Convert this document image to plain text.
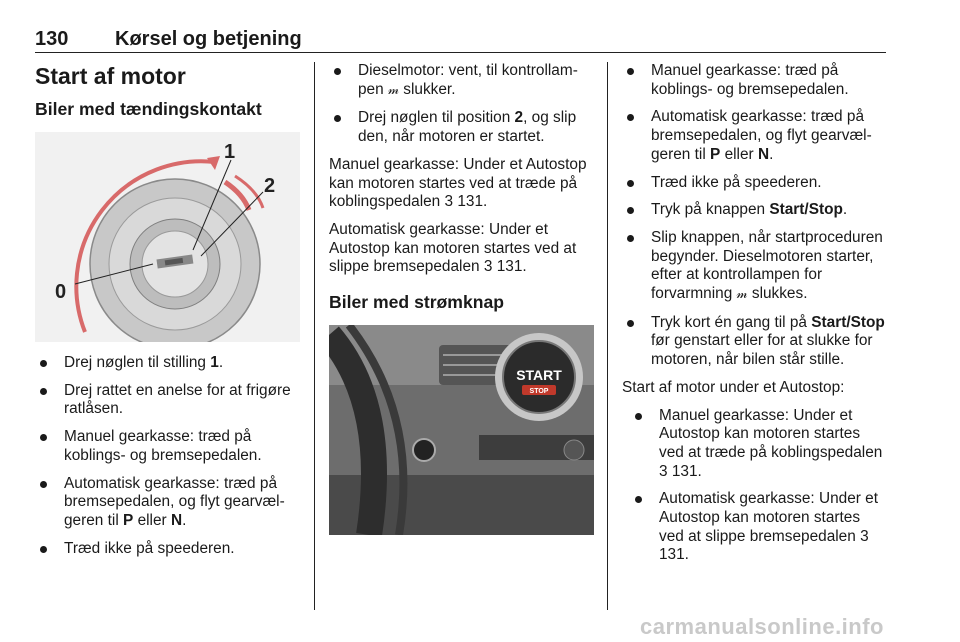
130 Kørsel og betjening
Start af motor
Biler med tændingskontakt
0
1
2
Drej nøglen til stilling 1.
Drej rattet en anelse for at frigøre ratlåsen.
Manuel gearkasse: træd på koblings- og bremsepedalen.
Automatisk gearkasse: træd på bremsepedalen, og flyt gearvælgeren til P eller N.
Træd ikke på speederen.
Dieselmotor: vent, til kontrollampen 𝓂 slukker.
Drej nøglen til position 2, og slip den, når motoren er startet.

Manuel gearkasse: Under et Autostop kan motoren startes ved at træde på koblingspedalen 3 131.

Automatisk gearkasse: Under et Autostop kan motoren startes ved at slippe bremsepedalen 3 131.

Biler med strømknap
START
STOP
Manuel gearkasse: træd på koblings- og bremsepedalen.
Automatisk gearkasse: træd på bremsepedalen, og flyt gearvælgeren til P eller N.
Træd ikke på speederen.
Tryk på knappen Start/Stop.
Slip knappen, når startproceduren begynder. Dieselmotoren starter, efter at kontrollampen for forvarmning 𝓂 slukkes.
Tryk kort én gang til på Start/Stop før genstart eller for at slukke for motoren, når bilen står stille.

Start af motor under et Autostop:

Manuel gearkasse: Under et Autostop kan motoren startes ved at træde på koblingspedalen 3 131.
Automatisk gearkasse: Under et Autostop kan motoren startes ved at slippe bremsepedalen 3 131.
carmanualsonline.info
